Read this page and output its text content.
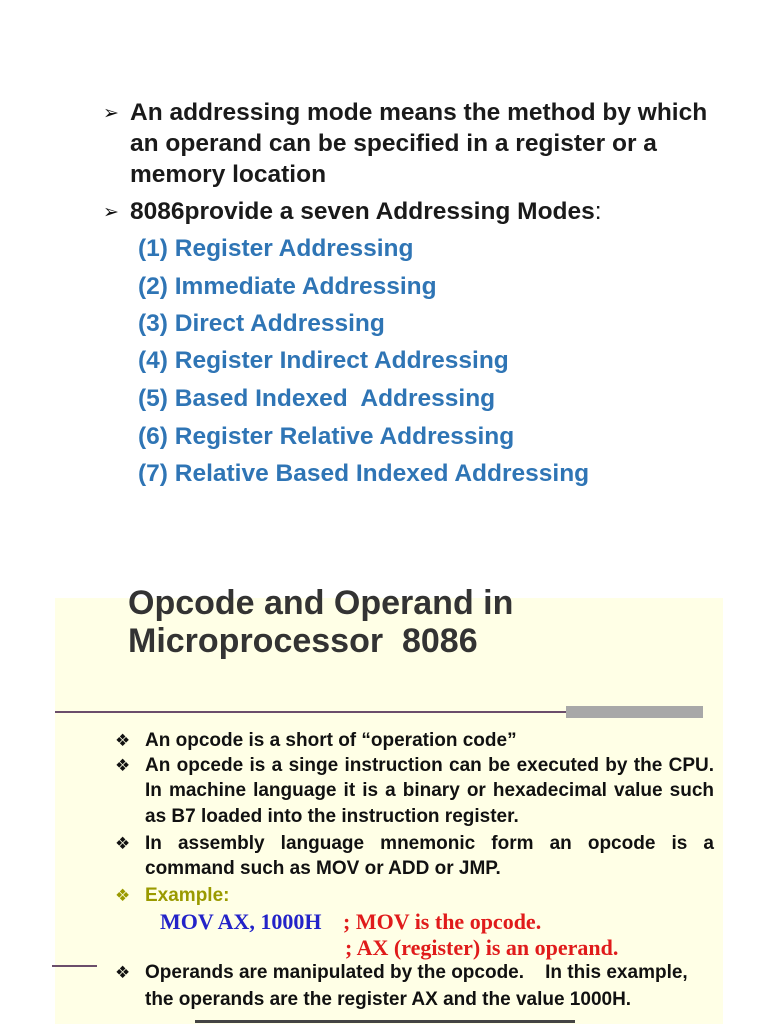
➢ An addressing mode means the method by which
an operand can be specified in a register or a
memory location
➢ 8086provide a seven Addressing Modes:
(1) Register Addressing
(2) Immediate Addressing
(3) Direct Addressing
(4) Register Indirect Addressing
(5) Based Indexed  Addressing
(6) Register Relative Addressing
(7) Relative Based Indexed Addressing
Opcode and Operand in
Microprocessor  8086
❖ An opcode is a short of “operation code”
❖ An opcede is a singe instruction can be executed by the CPU.
In machine language it is a binary or hexadecimal value such
as B7 loaded into the instruction register.
❖ In assembly language mnemonic form an opcode is a
command such as MOV or ADD or JMP.
❖ Example:
MOV AX, 1000H ; MOV is the opcode.
; AX (register) is an operand.
❖ Operands are manipulated by the opcode.    In this example,
the operands are the register AX and the value 1000H.
